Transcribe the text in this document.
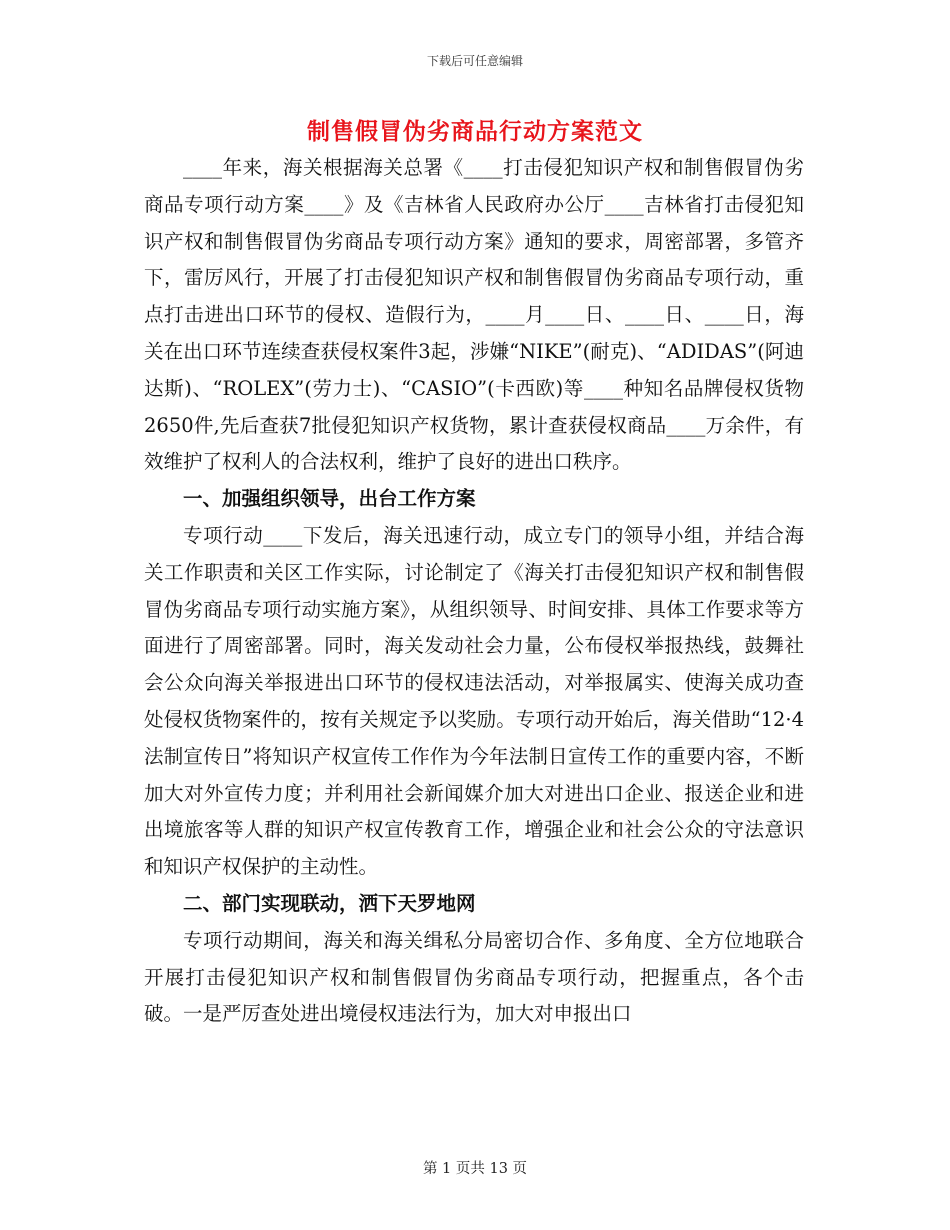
下载后可任意编辑
制售假冒伪劣商品行动方案范文

____年来，海关根据海关总署《____打击侵犯知识产权和制售假冒伪劣商品专项行动方案____》及《吉林省人民政府办公厅____吉林省打击侵犯知识产权和制售假冒伪劣商品专项行动方案》通知的要求，周密部署，多管齐下，雷厉风行，开展了打击侵犯知识产权和制售假冒伪劣商品专项行动，重点打击进出口环节的侵权、造假行为，____月____日、____日、____日，海关在出口环节连续查获侵权案件3起，涉嫌“NIKE”(耐克)、“ADIDAS”(阿迪达斯)、“ROLEX”(劳力士)、“CASIO”(卡西欧)等____种知名品牌侵权货物2650件,先后查获7批侵犯知识产权货物，累计查获侵权商品____万余件，有效维护了权利人的合法权利，维护了良好的进出口秩序。

一、加强组织领导，出台工作方案

专项行动____下发后，海关迅速行动，成立专门的领导小组，并结合海关工作职责和关区工作实际，讨论制定了《海关打击侵犯知识产权和制售假冒伪劣商品专项行动实施方案》，从组织领导、时间安排、具体工作要求等方面进行了周密部署。同时，海关发动社会力量，公布侵权举报热线，鼓舞社会公众向海关举报进出口环节的侵权违法活动，对举报属实、使海关成功查处侵权货物案件的，按有关规定予以奖励。专项行动开始后，海关借助“12·4法制宣传日”将知识产权宣传工作作为今年法制日宣传工作的重要内容，不断加大对外宣传力度；并利用社会新闻媒介加大对进出口企业、报送企业和进出境旅客等人群的知识产权宣传教育工作，增强企业和社会公众的守法意识和知识产权保护的主动性。

二、部门实现联动，洒下天罗地网

专项行动期间，海关和海关缉私分局密切合作、多角度、全方位地联合开展打击侵犯知识产权和制售假冒伪劣商品专项行动，把握重点，各个击破。一是严厉查处进出境侵权违法行为，加大对申报出口

第 1 页共 13 页
